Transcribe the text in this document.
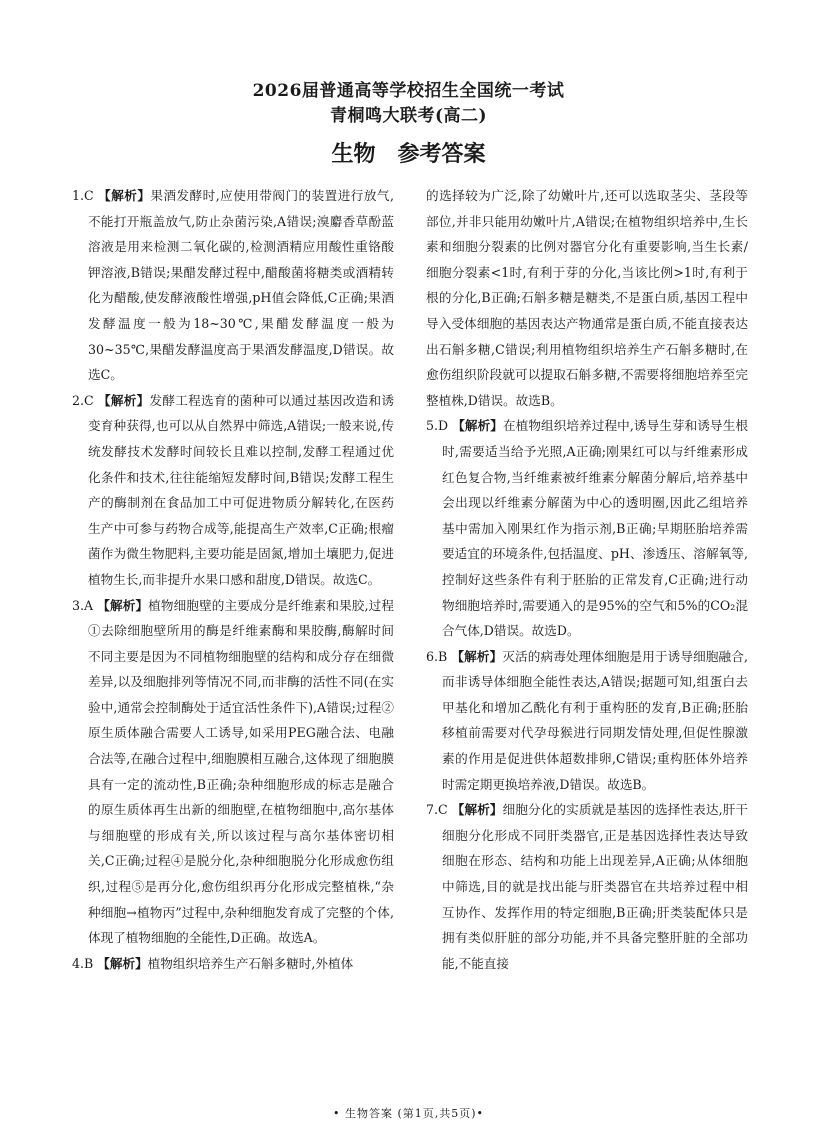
2026届普通高等学校招生全国统一考试
青桐鸣大联考(高二)
生物 参考答案

1.C 【解析】果酒发酵时,应使用带阀门的装置进行放气,不能打开瓶盖放气,防止杂菌污染,A错误;溴麝香草酚蓝溶液是用来检测二氧化碳的,检测酒精应用酸性重铬酸钾溶液,B错误;果醋发酵过程中,醋酸菌将糖类或酒精转化为醋酸,使发酵液酸性增强,pH值会降低,C正确;果酒发酵温度一般为18~30℃,果醋发酵温度一般为30~35℃,果醋发酵温度高于果酒发酵温度,D错误。故选C。

2.C 【解析】发酵工程选育的菌种可以通过基因改造和诱变育种获得,也可以从自然界中筛选,A错误;一般来说,传统发酵技术发酵时间较长且难以控制,发酵工程通过优化条件和技术,往往能缩短发酵时间,B错误;发酵工程生产的酶制剂在食品加工中可促进物质分解转化,在医药生产中可参与药物合成等,能提高生产效率,C正确;根瘤菌作为微生物肥料,主要功能是固氮,增加土壤肥力,促进植物生长,而非提升水果口感和甜度,D错误。故选C。

3.A 【解析】植物细胞壁的主要成分是纤维素和果胶,过程①去除细胞壁所用的酶是纤维素酶和果胶酶,酶解时间不同主要是因为不同植物细胞壁的结构和成分存在细微差异,以及细胞排列等情况不同,而非酶的活性不同(在实验中,通常会控制酶处于适宜活性条件下),A错误;过程②原生质体融合需要人工诱导,如采用PEG融合法、电融合法等,在融合过程中,细胞膜相互融合,这体现了细胞膜具有一定的流动性,B正确;杂种细胞形成的标志是融合的原生质体再生出新的细胞壁,在植物细胞中,高尔基体与细胞壁的形成有关,所以该过程与高尔基体密切相关,C正确;过程④是脱分化,杂种细胞脱分化形成愈伤组织,过程⑤是再分化,愈伤组织再分化形成完整植株,“杂种细胞→植物丙”过程中,杂种细胞发育成了完整的个体,体现了植物细胞的全能性,D正确。故选A。

4.B 【解析】植物组织培养生产石斛多糖时,外植体

的选择较为广泛,除了幼嫩叶片,还可以选取茎尖、茎段等部位,并非只能用幼嫩叶片,A错误;在植物组织培养中,生长素和细胞分裂素的比例对器官分化有重要影响,当生长素/细胞分裂素<1时,有利于芽的分化,当该比例>1时,有利于根的分化,B正确;石斛多糖是糖类,不是蛋白质,基因工程中导入受体细胞的基因表达产物通常是蛋白质,不能直接表达出石斛多糖,C错误;利用植物组织培养生产石斛多糖时,在愈伤组织阶段就可以提取石斛多糖,不需要将细胞培养至完整植株,D错误。故选B。

5.D 【解析】在植物组织培养过程中,诱导生芽和诱导生根时,需要适当给予光照,A正确;刚果红可以与纤维素形成红色复合物,当纤维素被纤维素分解菌分解后,培养基中会出现以纤维素分解菌为中心的透明圈,因此乙组培养基中需加入刚果红作为指示剂,B正确;早期胚胎培养需要适宜的环境条件,包括温度、pH、渗透压、溶解氧等,控制好这些条件有利于胚胎的正常发育,C正确;进行动物细胞培养时,需要通入的是95%的空气和5%的CO₂混合气体,D错误。故选D。

6.B 【解析】灭活的病毒处理体细胞是用于诱导细胞融合,而非诱导体细胞全能性表达,A错误;据题可知,组蛋白去甲基化和增加乙酰化有利于重构胚的发育,B正确;胚胎移植前需要对代孕母猴进行同期发情处理,但促性腺激素的作用是促进供体超数排卵,C错误;重构胚体外培养时需定期更换培养液,D错误。故选B。

7.C 【解析】细胞分化的实质就是基因的选择性表达,肝干细胞分化形成不同肝类器官,正是基因选择性表达导致细胞在形态、结构和功能上出现差异,A正确;从体细胞中筛选,目的就是找出能与肝类器官在共培养过程中相互协作、发挥作用的特定细胞,B正确;肝类装配体只是拥有类似肝脏的部分功能,并不具备完整肝脏的全部功能,不能直接

• 生物答案 (第1页,共5页)•
